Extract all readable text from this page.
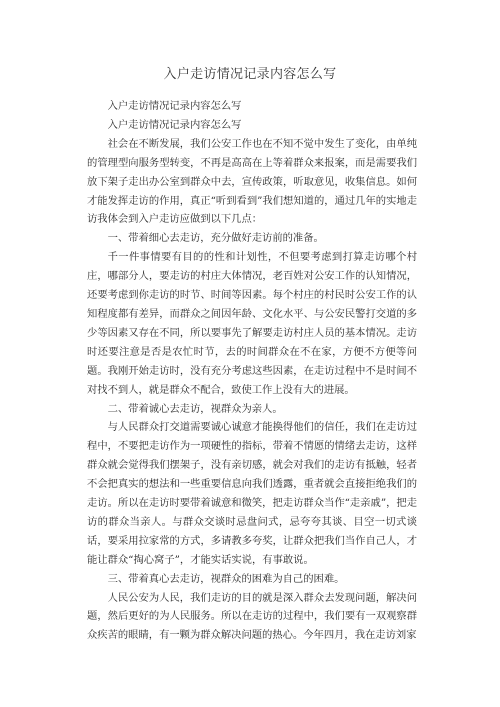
入户走访情况记录内容怎么写

入户走访情况记录内容怎么写

入户走访情况记录内容怎么写

社会在不断发展，我们公安工作也在不知不觉中发生了变化，由单纯的管理型向服务型转变，不再是高高在上等着群众来报案，而是需要我们放下架子走出办公室到群众中去，宣传政策，听取意见，收集信息。如何才能发挥走访的作用，真正“听到看到”我们想知道的，通过几年的实地走访我体会到入户走访应做到以下几点：

一、带着细心去走访，充分做好走访前的准备。

千一件事情要有目的的性和计划性，不但要考虑到打算走访哪个村庄，哪部分人，要走访的村庄大体情况，老百姓对公安工作的认知情况，还要考虑到你走访的时节、时间等因素。每个村庄的村民时公安工作的认知程度都有差异，而群众之间因年龄、文化水平、与公安民警打交道的多少等因素又存在不同，所以要事先了解要走访村庄人员的基本情况。走访时还要注意是否是农忙时节，去的时间群众在不在家，方便不方便等问题。我刚开始走访时，没有充分考虑这些因素，在走访过程中不是时间不对找不到人，就是群众不配合，致使工作上没有大的进展。

二、带着诚心去走访，视群众为亲人。

与人民群众打交道需要诚心诚意才能换得他们的信任，我们在走访过程中，不要把走访作为一项硬性的指标，带着不情愿的情绪去走访，这样群众就会觉得我们摆架子，没有亲切感，就会对我们的走访有抵触，轻者不会把真实的想法和一些重要信息向我们透露，重者就会直接拒绝我们的走访。所以在走访时要带着诚意和微笑，把走访群众当作“走亲戚”，把走访的群众当亲人。与群众交谈时忌盘问式，忌夸夸其谈、目空一切式谈话，要采用拉家常的方式，多请教多夸奖，让群众把我们当作自己人，才能让群众“掏心窝子”，才能实话实说，有事敢说。

三、带着真心去走访，视群众的困难为自己的困难。

人民公安为人民，我们走访的目的就是深入群众去发现问题，解决问题，然后更好的为人民服务。所以在走访的过程中，我们要有一双观察群众疾苦的眼睛，有一颗为群众解决问题的热心。今年四月，我在走访刘家
